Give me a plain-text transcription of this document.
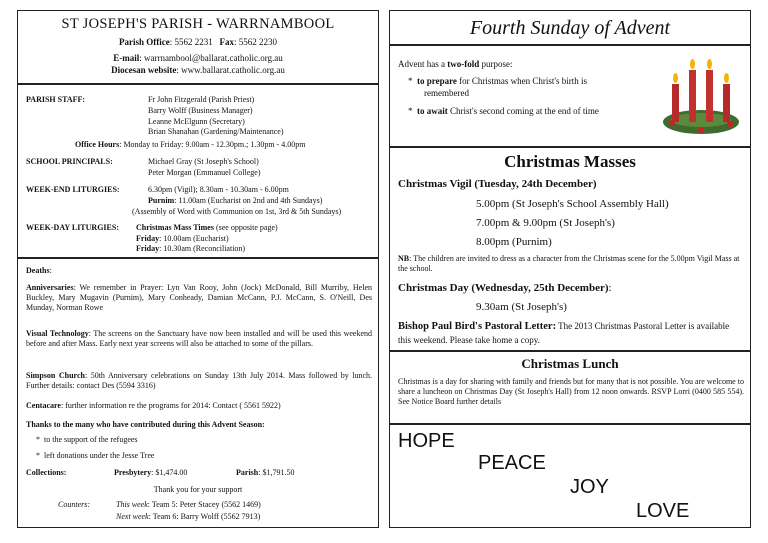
ST JOSEPH'S PARISH - WARRNAMBOOL
Parish Office: 5562 2231 Fax: 5562 2230
E-mail: warrnambool@ballarat.catholic.org.au
Diocesan website: www.ballarat.catholic.org.au
PARISH STAFF:	Fr John Fitzgerald (Parish Priest)
Barry Wolff (Business Manager)
Leanne McElgunn (Secretary)
Brian Shanahan (Gardening/Maintenance)
Office Hours: Monday to Friday: 9.00am - 12.30pm.; 1.30pm - 4.00pm
SCHOOL PRINCIPALS:	Michael Gray (St Joseph's School)
Peter Morgan (Emmanuel College)
WEEK-END LITURGIES:	6.30pm (Vigil); 8.30am - 10.30am - 6.00pm
Purnim: 11.00am (Eucharist on 2nd and 4th Sundays)
(Assembly of Word with Communion on 1st, 3rd & 5th Sundays)
WEEK-DAY LITURGIES: Christmas Mass Times (see opposite page)
Friday: 10.00am (Eucharist)
Friday: 10.30am (Reconciliation)
Deaths:
Anniversaries: We remember in Prayer: Lyn Van Rooy, John (Jock) McDonald, Bill Murriby, Helen Buckley, Mary Mugavin (Purnim), Mary Conheady, Damian McCann, P.J. McCann, S. O'Neill, Des Munday, Norman Rowe
Visual Technology: The screens on the Sanctuary have now been installed and will be used this weekend before and after Mass. Early next year screens will also be attached to some of the pillars.
Simpson Church: 50th Anniversary celebrations on Sunday 13th July 2014. Mass followed by lunch. Further details: contact Des (5594 3316)
Centacare: further information re the programs for 2014: Contact ( 5561 5922)
Thanks to the many who have contributed during this Advent Season:
*  to the support of the refugees
*  left donations under the Jesse Tree
Collections:	Presbytery: $1,474.00	Parish: $1,791.50
Thank you for your support
Counters:	This week: Team 5: Peter Stacey (5562 1469)
Next week: Team 6: Barry Wolff (5562 7913)
Fourth Sunday of Advent
Advent has a two-fold purpose:
*  to prepare for Christmas when Christ's birth is
remembered
*  to await Christ's second coming at the end of time
Christmas Masses
Christmas Vigil (Tuesday, 24th December)
5.00pm (St Joseph's School Assembly Hall)
7.00pm & 9.00pm (St Joseph's)
8.00pm (Purnim)
NB: The children are invited to dress as a character from the Christmas scene for the 5.00pm Vigil Mass at the school.
Christmas Day (Wednesday, 25th December):
9.30am (St Joseph's)
Bishop Paul Bird's Pastoral Letter: The 2013 Christmas Pastoral Letter is available this weekend. Please take home a copy.
Christmas Lunch
Christmas is a day for sharing with family and friends but for many that is not possible. You are welcome to share a luncheon on Christmas Day (St Joseph's Hall) from 12 noon onwards. RSVP Lorri (0400 585 554). See Notice Board further details
HOPE
PEACE
JOY
LOVE
